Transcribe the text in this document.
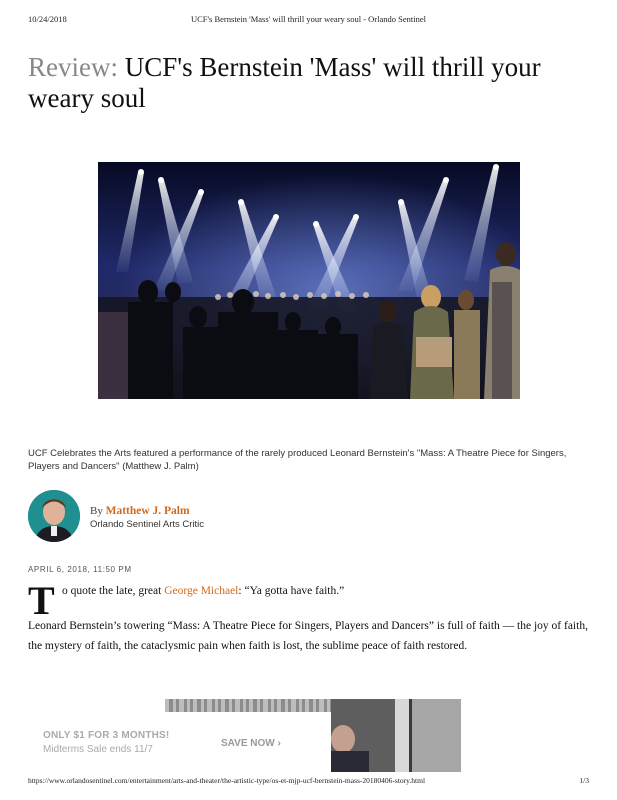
10/24/2018	UCF's Bernstein 'Mass' will thrill your weary soul - Orlando Sentinel
Review: UCF's Bernstein 'Mass' will thrill your weary soul

UCF Celebrates the Arts featured a performance of the rarely produced Leonard Bernstein's "Mass: A Theatre Piece for Singers, Players and Dancers" (Matthew J. Palm)

By Matthew J. Palm
Orlando Sentinel Arts Critic
APRIL 6, 2018, 11:50 PM
T o quote the late, great George Michael: “Ya gotta have faith.”

Leonard Bernstein’s towering “Mass: A Theatre Piece for Singers, Players and Dancers” is full of faith — the joy of faith, the mystery of faith, the cataclysmic pain when faith is lost, the sublime peace of faith restored.

ONLY $1 FOR 3 MONTHS!
Midterms Sale ends 11/7
SAVE NOW ›
https://www.orlandosentinel.com/entertainment/arts-and-theater/the-artistic-type/os-et-mjp-ucf-bernstein-mass-20180406-story.html	1/3
